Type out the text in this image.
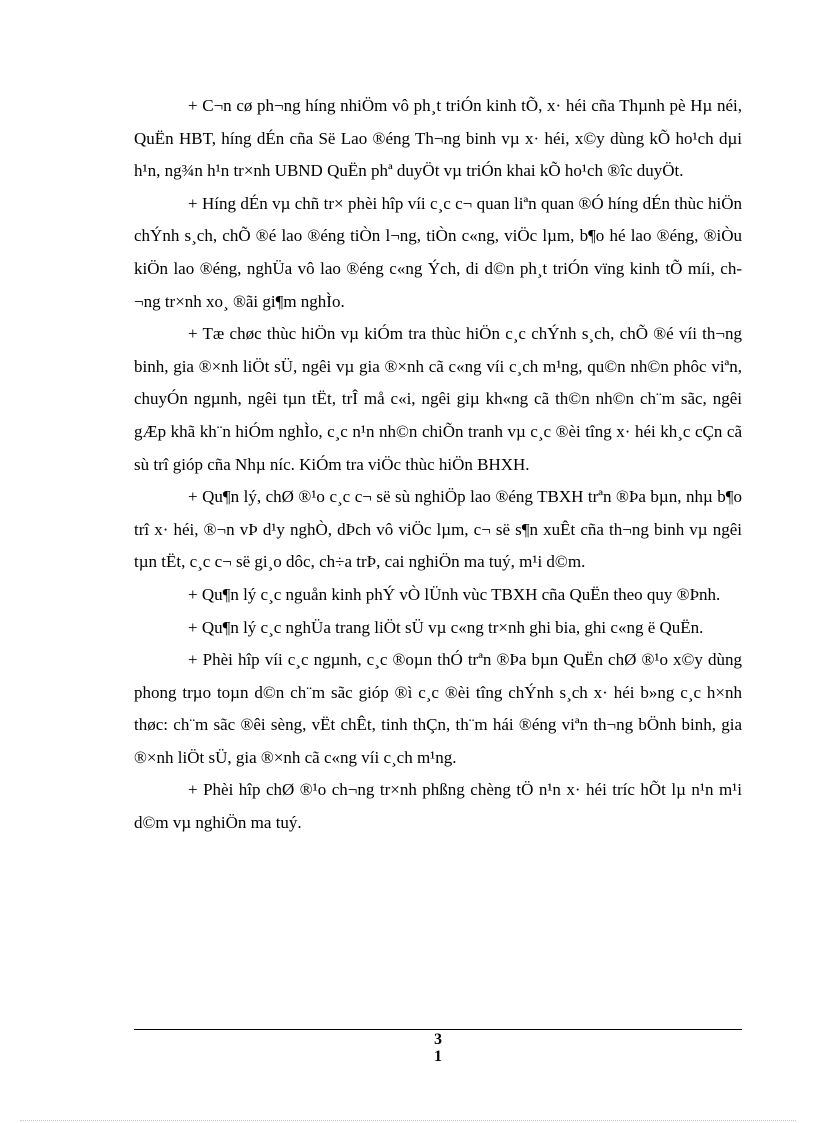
+ C¬n cø ph¬ng híng nhiÖm vô ph¸t triÓn kinh tÕ, x· héi cña Thµnh pè Hµ néi, QuËn HBT, híng dÉn cña Së Lao ®éng Th¬ng binh vµ x· héi, x©y dùng kÕ ho¹ch dµi h¹n, ng¾n h¹n tr×nh UBND QuËn phª duyÖt vµ triÓn khai kÕ ho¹ch ®îc duyÖt.

+ Híng dÉn vµ chñ tr× phèi hîp víi c¸c c¬ quan liªn quan ®Ó híng dÉn thùc hiÖn chÝnh s¸ch, chÕ ®é lao ®éng tiÒn l¬ng, tiÒn c«ng, viÖc lµm, b¶o hé lao ®éng, ®iÒu kiÖn lao ®éng, nghÜa vô lao ®éng c«ng Ých, di d©n ph¸t triÓn vïng kinh tÕ míi, ch¬ng tr×nh xo¸ ®ãi gi¶m nghÌo.

+ Tæ chøc thùc hiÖn vµ kiÓm tra thùc hiÖn c¸c chÝnh s¸ch, chÕ ®é víi th¬ng binh, gia ®×nh liÖt sÜ, ngêi vµ gia ®×nh cã c«ng víi c¸ch m¹ng, qu©n nh©n phôc viªn, chuyÓn ngµnh, ngêi tµn tËt, trÎ må c«i, ngêi giµ kh«ng cã th©n nh©n ch¨m sãc, ngêi gÆp khã kh¨n hiÓm nghÌo, c¸c n¹n nh©n chiÕn tranh vµ c¸c ®èi tîng x· héi kh¸c cÇn cã sù trî gióp cña Nhµ níc. KiÓm tra viÖc thùc hiÖn BHXH.

+ Qu¶n lý, chØ ®¹o c¸c c¬ së sù nghiÖp lao ®éng TBXH trªn ®Þa bµn, nhµ b¶o trî x· héi, ®¬n vÞ d¹y nghÒ, dÞch vô viÖc lµm, c¬ së s¶n xuÊt cña th¬ng binh vµ ngêi tµn tËt, c¸c c¬ së gi¸o dôc, ch÷a trÞ, cai nghiÖn ma tuý, m¹i d©m.

+ Qu¶n lý c¸c nguån kinh phÝ vÒ lÜnh vùc TBXH cña QuËn theo quy ®Þnh.

+ Qu¶n lý c¸c nghÜa trang liÖt sÜ vµ c«ng tr×nh ghi bia, ghi c«ng ë QuËn.

+ Phèi hîp víi c¸c ngµnh, c¸c ®oµn thÓ trªn ®Þa bµn QuËn chØ ®¹o x©y dùng phong trµo toµn d©n ch¨m sãc gióp ®ì c¸c ®èi tîng chÝnh s¸ch x· héi b»ng c¸c h×nh thøc: ch¨m sãc ®êi sèng, vËt chÊt, tinh thÇn, th¨m hái ®éng viªn th¬ng bÖnh binh, gia ®×nh liÖt sÜ, gia ®×nh cã c«ng víi c¸ch m¹ng.

+ Phèi hîp chØ ®¹o ch¬ng tr×nh phßng chèng tÖ n¹n x· héi tríc hÕt lµ n¹n m¹i d©m vµ nghiÖn ma tuý.

3
1
